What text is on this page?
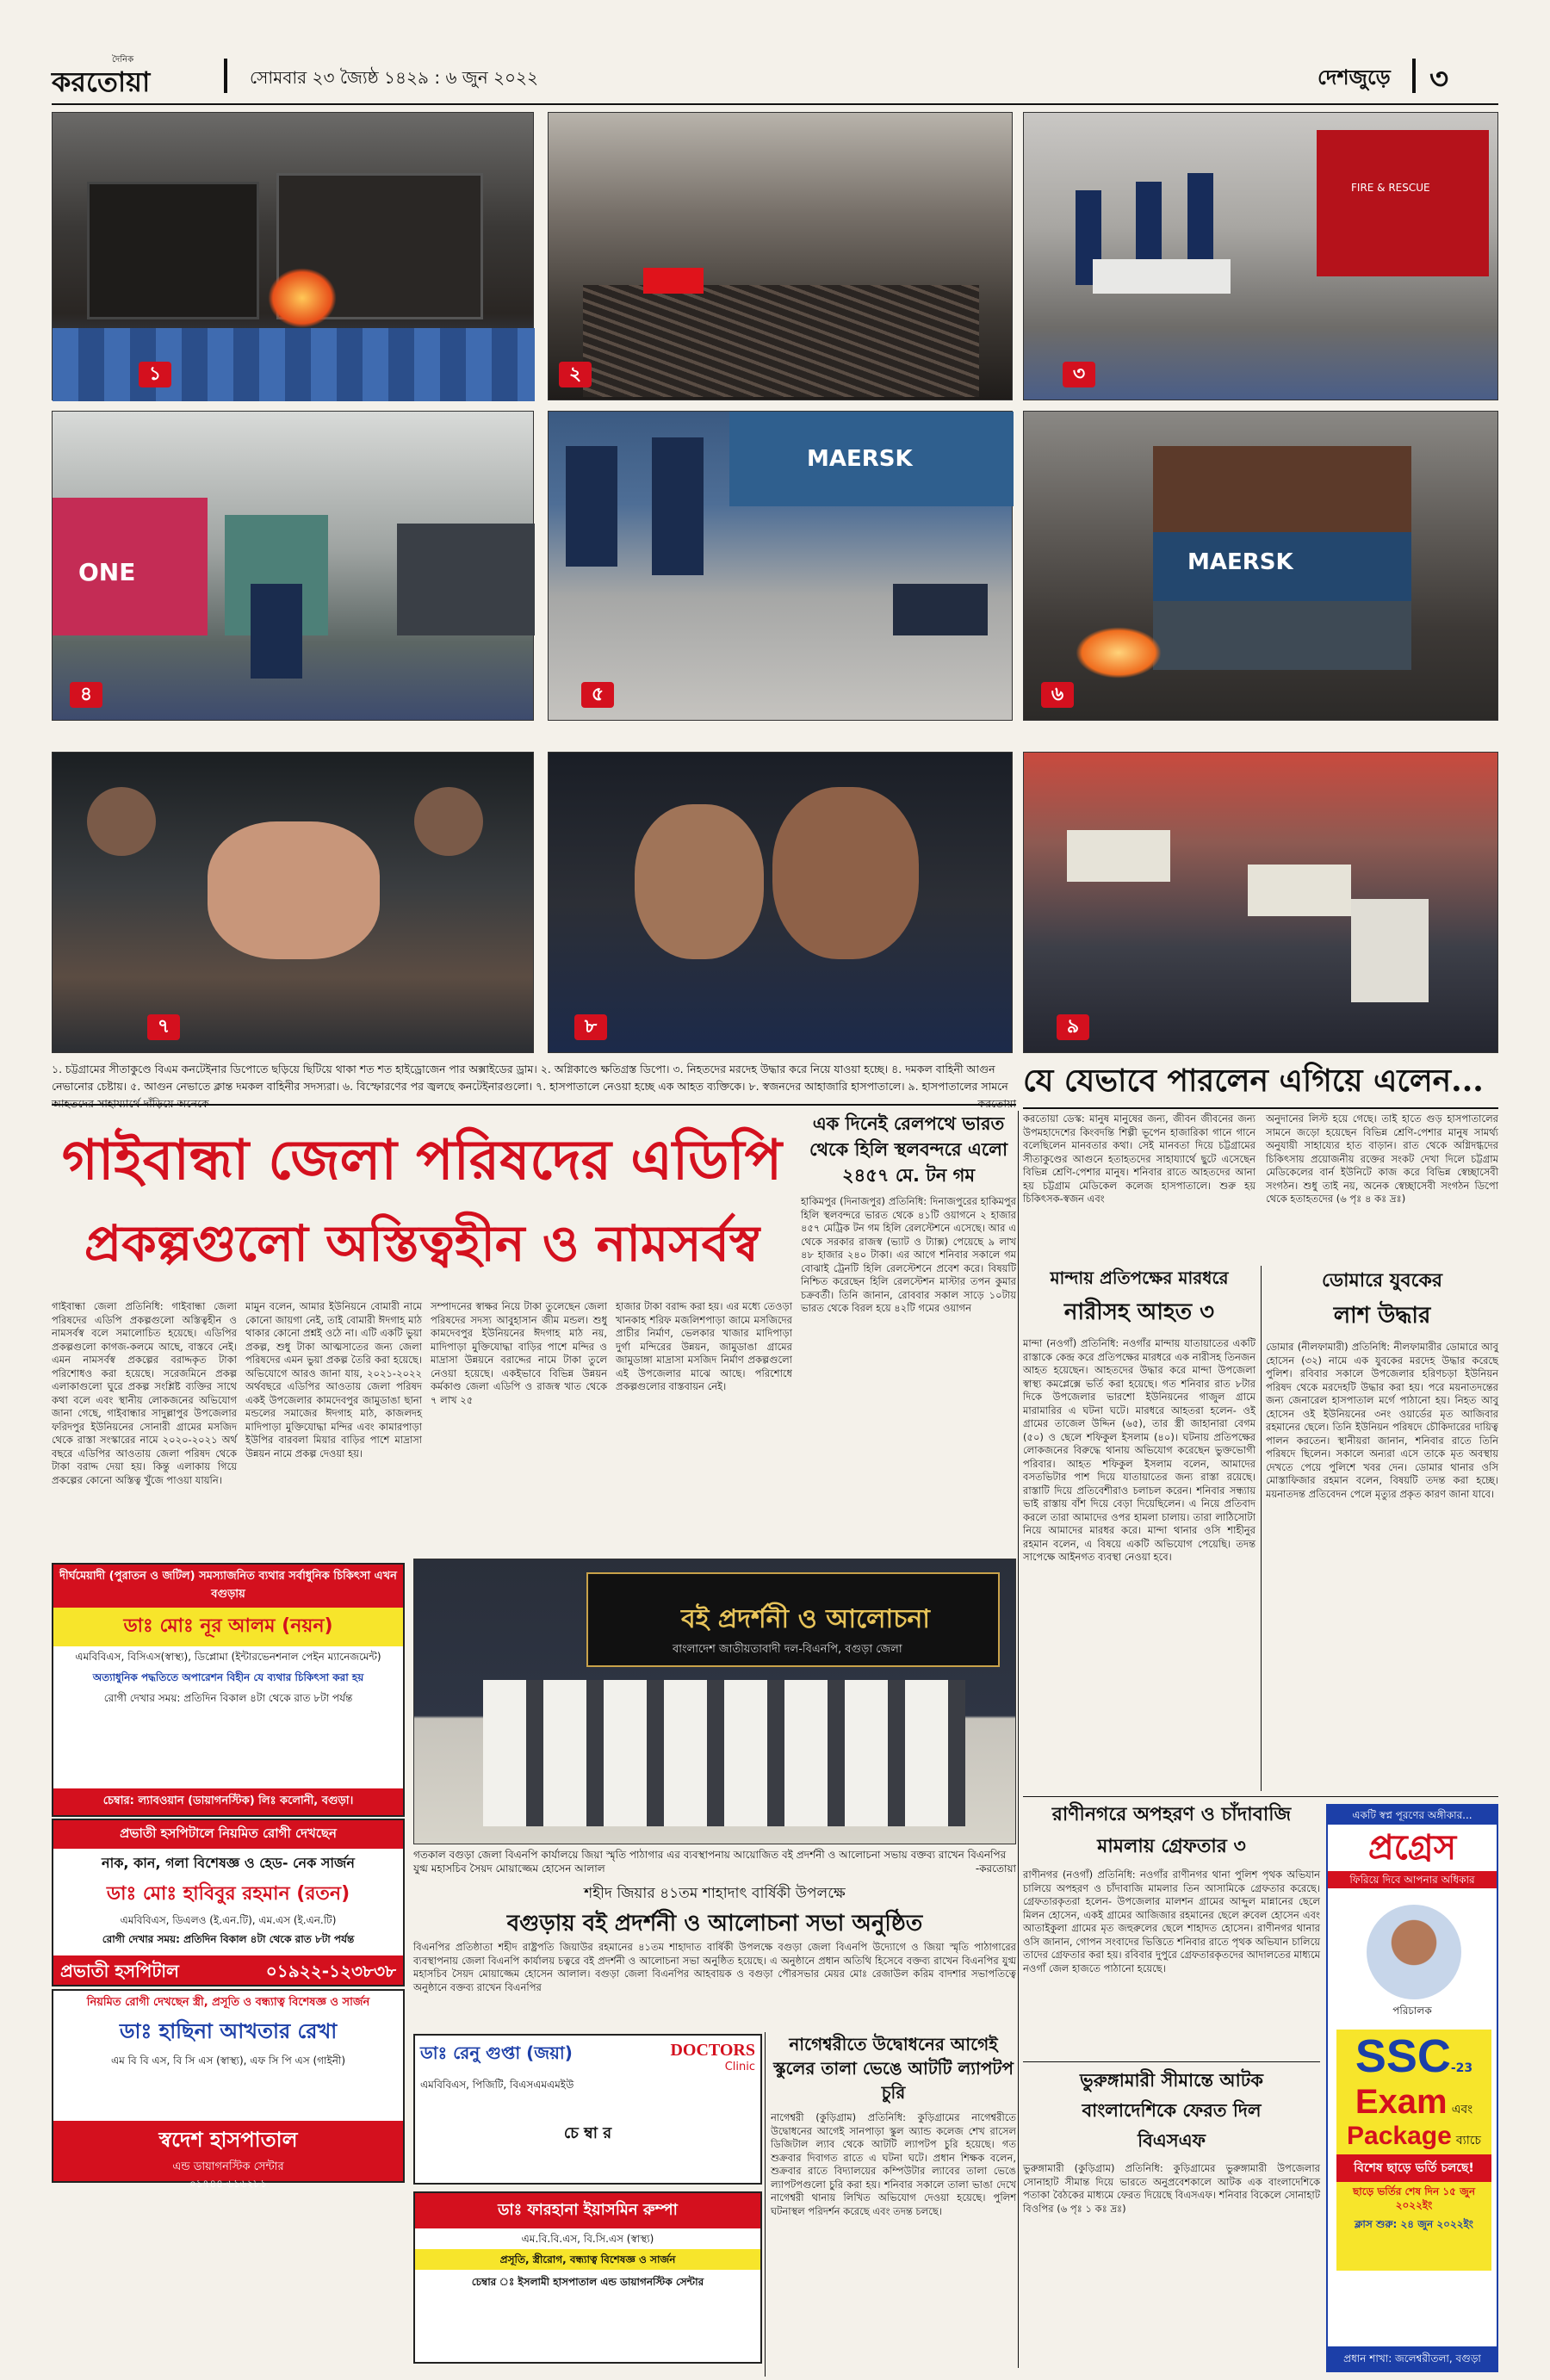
দৈনিক
করতোয়া	সোমবার ২৩ জ্যৈষ্ঠ ১৪২৯ : ৬ জুন ২০২২	দেশজুড়ে ৩
১	২
FIRE & RESCUE
৩
ONE
৪
MAERSK
৫
MAERSK
৬
৭	৮	৯
১. চট্টগ্রামের সীতাকুণ্ডে বিএম কনটেইনার ডিপোতে ছড়িয়ে ছিটিয়ে থাকা শত শত হাইড্রোজেন পার অক্সাইডের ড্রাম। ২. অগ্নিকাণ্ডে ক্ষতিগ্রস্ত ডিপো। ৩. নিহতদের মরদেহ উদ্ধার করে নিয়ে যাওয়া হচ্ছে। ৪. দমকল বাহিনী আগুন নেভানোর চেষ্টায়। ৫. আগুন নেভাতে ক্লান্ত দমকল বাহিনীর সদস্যরা। ৬. বিস্ফোরণের পর জ্বলছে কনটেইনারগুলো। ৭. হাসপাতালে নেওয়া হচ্ছে এক আহত ব্যক্তিকে। ৮. স্বজনদের আহাজারি হাসপাতালে। ৯. হাসপাতালের সামনে যে যেভাবে পারলেন এগিয়ে এলেন...
গাইবান্ধা জেলা পরিষদের এডিপি
প্রকল্পগুলো অস্তিত্বহীন ও নামসর্বস্ব
গাইবান্ধা জেলা প্রতিনিধি: গাইবান্ধা জেলা পরিষদের এডিপি প্রকল্পগুলো অস্তিত্বহীন ও নামসর্বস্ব বলে সমালোচিত হয়েছে। এডিপির প্রকল্পগুলো কাগজ-কলমে আছে, বাস্তবে নেই। এমন নামসর্বস্ব প্রকল্পের বরাদ্দকৃত টাকা পরিশোধও করা হয়েছে। সরেজমিনে প্রকল্প এলাকাগুলো ঘুরে প্রকল্প সংশ্লিষ্ট ব্যক্তির সাথে কথা বলে এবং স্থানীয় লোকজনের অভিযোগ জানা গেছে, গাইবান্ধার সাদুল্লাপুর উপজেলার ফরিদপুর ইউনিয়নের সোনারী গ্রামের মসজিদ থেকে রাস্তা সংস্কারের নামে ২০২০-২০২১ অর্থ বছরে এডিপির আওতায় জেলা পরিষদ থেকে টাকা বরাদ্দ দেয়া হয়। কিন্তু এলাকায় গিয়ে প্রকল্পের কোনো অস্তিত্ব খুঁজে পাওয়া যায়নি।
মামুন বলেন, আমার ইউনিয়নে বোমারী নামে কোনো জায়গা নেই, তাই বোমারী ঈদগাহ মাঠ থাকার কোনো প্রশ্নই ওঠে না। এটি একটি ভুয়া প্রকল্প, শুধু টাকা আত্মসাতের জন্য জেলা পরিষদের এমন ভুয়া প্রকল্প তৈরি করা হয়েছে। অভিযোগে আরও জানা যায়, ২০২১-২০২২ অর্থবছরে এডিপির আওতায় জেলা পরিষদ একই উপজেলার কামদেবপুর জামুডাঙা ছানা মন্ডলের সমাজের ঈদগাহ মাঠ, কাজলদহ মাদিপাড়া মুক্তিযোদ্ধা মন্দির এবং কামারপাড়া ইউপির বারবলা মিয়ার বাড়ির পাশে মাদ্রাসা উন্নয়ন নামে প্রকল্প দেওয়া হয়।
সম্পাদনের স্বাক্ষর নিয়ে টাকা তুলেছেন জেলা পরিষদের সদস্য আবুহাসান জীম মন্ডল। শুধু কামদেবপুর ইউনিয়নের ঈদগাহ মাঠ নয়, মাদিপাড়া মুক্তিযোদ্ধা বাড়ির পাশে মন্দির ও মাদ্রাসা উন্নয়নে বরাদ্দের নামে টাকা তুলে নেওয়া হয়েছে। একইভাবে বিভিন্ন উন্নয়ন কর্মকাণ্ড জেলা এডিপি ও রাজস্ব খাত থেকে ৭ লাখ ২৫
হাজার টাকা বরাদ্দ করা হয়। এর মধ্যে তেওড়া খানকাহ শরিফ মজলিশপাড়া জামে মসজিদের প্রাচীর নির্মাণ, ভেলকার খাজার মাদিপাড়া দুর্গা মন্দিরের উন্নয়ন, জামুডাঙা গ্রামের জামুডাঙ্গা মাদ্রাসা মসজিদ নির্মাণ প্রকল্পগুলো এই উপজেলার মাঝে আছে। পরিশোধে প্রকল্পগুলোর বাস্তবায়ন নেই।
এক দিনেই রেলপথে ভারত থেকে হিলি স্থলবন্দরে এলো ২৪৫৭ মে. টন গম
হাকিমপুর (দিনাজপুর) প্রতিনিধি: দিনাজপুরের হাকিমপুর হিলি স্থলবন্দরে ভারত থেকে ৪১টি ওয়াগনে ২ হাজার ৪৫৭ মেট্রিক টন গম হিলি রেলস্টেশনে এসেছে। আর এ থেকে সরকার রাজস্ব (ভ্যাট ও ট্যাক্স) পেয়েছে ৯ লাখ ৪৮ হাজার ২৪০ টাকা। এর আগে শনিবার সকালে গম বোঝাই ট্রেনটি হিলি রেলস্টেশনে প্রবেশ করে। বিষয়টি নিশ্চিত করেছেন হিলি রেলস্টেশন মাস্টার তপন কুমার চক্রবর্তী। তিনি জানান, রোববার সকাল সাড়ে ১০টায় ভারত থেকে বিরল হয়ে ৪২টি গমের ওয়াগন
বই প্রদর্শনী ও আলোচনা
বাংলাদেশ জাতীয়তাবাদী দল-বিএনপি, বগুড়া জেলা
গতকাল বগুড়া জেলা বিএনপি কার্যালয়ে জিয়া স্মৃতি পাঠাগার এর ব্যবস্থাপনায় আয়োজিত বই প্রদর্শনী ও আলোচনা সভায় বক্তব্য রাখেন বিএনপির যুগ্ম মহাসচিব সৈয়দ মোয়াজ্জেম হোসেন আলাল	-করতোয়া
শহীদ জিয়ার ৪১তম শাহাদাৎ বার্ষিকী উপলক্ষে
বগুড়ায় বই প্রদর্শনী ও আলোচনা সভা অনুষ্ঠিত
বিএনপির প্রতিষ্ঠাতা শহীদ রাষ্ট্রপতি জিয়াউর রহমানের ৪১তম শাহাদাত বার্ষিকী উপলক্ষে বগুড়া জেলা বিএনপি উদ্যোগে ও জিয়া স্মৃতি পাঠাগারের ব্যবস্থাপনায় জেলা বিএনপি কার্যালয় চত্বরে বই প্রদর্শনী ও আলোচনা সভা অনুষ্ঠিত হয়েছে। এ অনুষ্ঠানে প্রধান অতিথি হিসেবে বক্তব্য রাখেন বিএনপির যুগ্ম মহাসচিব সৈয়দ মোয়াজ্জেম হোসেন আলাল। বগুড়া জেলা বিএনপির আহবায়ক ও বগুড়া পৌরসভার মেয়র মোঃ রেজাউল করিম বাদশার সভাপতিত্বে অনুষ্ঠানে বক্তব্য রাখেন বিএনপির
নাগেশ্বরীতে উদ্বোধনের আগেই স্কুলের তালা ভেঙে আটটি ল্যাপটপ চুরি
নাগেশ্বরী (কুড়িগ্রাম) প্রতিনিধি: কুড়িগ্রামের নাগেশ্বরীতে উদ্বোধনের আগেই সানপাড়া স্কুল অ্যান্ড কলেজ শেখ রাসেল ডিজিটাল ল্যাব থেকে আটটি ল্যাপটপ চুরি হয়েছে। গত শুক্রবার দিবাগত রাতে এ ঘটনা ঘটে। প্রধান শিক্ষক বলেন, শুক্রবার রাতে বিদ্যালয়ের কম্পিউটার ল্যাবের তালা ভেঙে ল্যাপটপগুলো চুরি করা হয়। শনিবার সকালে তালা ভাঙা দেখে নাগেশ্বরী থানায় লিখিত অভিযোগ দেওয়া হয়েছে। পুলিশ ঘটনাস্থল পরিদর্শন করেছে এবং তদন্ত চলছে।
দীর্ঘমেয়াদী (পুরাতন ও জটিল) সমস্যাজনিত ব্যথার সর্বাধুনিক চিকিৎসা এখন বগুড়ায়
ডাঃ মোঃ নূর আলম (নয়ন)
এমবিবিএস, বিসিএস(স্বাস্থ্য), ডিপ্লোমা (ইন্টারভেনশনাল পেইন ম্যানেজমেন্ট)
অত্যাধুনিক পদ্ধতিতে অপারেশন বিহীন যে ব্যথার চিকিৎসা করা হয়
রোগী দেখার সময়: প্রতিদিন বিকাল ৪টা থেকে রাত ৮টা পর্যন্ত
চেম্বার: ল্যাবওয়ান (ডায়াগনস্টিক) লিঃ কলোনী, বগুড়া।
প্রভাতী হসপিটালে নিয়মিত রোগী দেখছেন
নাক, কান, গলা বিশেষজ্ঞ ও হেড- নেক সার্জন
ডাঃ মোঃ হাবিবুর রহমান (রতন)
এমবিবিএস, ডিএলও (ই.এন.টি), এম.এস (ই.এন.টি)
রোগী দেখার সময়: প্রতিদিন বিকাল ৪টা থেকে রাত ৮টা পর্যন্ত
প্রভাতী হসপিটাল	০১৯২২-১২৩৮৩৮
নিয়মিত রোগী দেখছেন স্ত্রী, প্রসূতি ও বন্ধ্যাত্ব বিশেষজ্ঞ ও সার্জন
ডাঃ হাছিনা আখতার রেখা
এম বি বি এস, বি সি এস (স্বাস্থ্য), এফ সি পি এস (গাইনী)
স্বদেশ হাসপাতাল
এন্ড ডায়াগনস্টিক সেন্টার
০১৭৪৪-৬১৬২৮১
ডাঃ রেনু গুপ্তা (জয়া)	DOCTORS
Clinic
এমবিবিএস, পিজিটি, বিএসএমএমইউ
চে ম্বা র
ডাঃ ফারহানা ইয়াসমিন রুম্পা
এম.বি.বি.এস, বি.সি.এস (স্বাস্থ্য)
প্রসূতি, স্ত্রীরোগ, বন্ধ্যাত্ব বিশেষজ্ঞ ও সার্জন
চেম্বার ঃ ইসলামী হাসপাতাল এন্ড ডায়াগনস্টিক সেন্টার
করতোয়া ডেস্ক: মানুষ মানুষের জন্য, জীবন জীবনের জন্য উপমহাদেশের কিংবদন্তি শিল্পী ভূপেন হাজারিকা গানে গানে বলেছিলেন মানবতার কথা। সেই মানবতা দিয়ে চট্টগ্রামের সীতাকুণ্ডের আগুনে হতাহতদের সাহায্যার্থে ছুটে এসেছেন বিভিন্ন শ্রেণি-পেশার মানুষ। শনিবার রাতে আহতদের আনা হয় চট্টগ্রাম মেডিকেল কলেজ হাসপাতালে। শুরু হয় চিকিৎসক-স্বজন এবং
অনুদানের লিস্ট হয়ে গেছে। তাই হাতে গুড় হাসপাতালের সামনে জড়ো হয়েছেন বিভিন্ন শ্রেণি-পেশার মানুষ সামর্থ্য অনুযায়ী সাহায্যের হাত বাড়ান। রাত থেকে অগ্নিদগ্ধদের চিকিৎসায় প্রয়োজনীয় রক্তের সংকট দেখা দিলে চট্টগ্রাম মেডিকেলের বার্ন ইউনিটে কাজ করে বিভিন্ন স্বেচ্ছাসেবী সংগঠন। শুধু তাই নয়, অনেক স্বেচ্ছাসেবী সংগঠন ডিপো থেকে হতাহতদের (৬ পৃঃ ৪ কঃ দ্রঃ)
মান্দায় প্রতিপক্ষের মারধরে
নারীসহ আহত ৩
মান্দা (নওগাঁ) প্রতিনিধি: নওগাঁর মান্দায় যাতায়াতের একটি রাস্তাকে কেন্দ্র করে প্রতিপক্ষের মারধরে এক নারীসহ তিনজন আহত হয়েছেন। আহতদের উদ্ধার করে মান্দা উপজেলা স্বাস্থ্য কমপ্লেক্সে ভর্তি করা হয়েছে। গত শনিবার রাত ৮টার দিকে উপজেলার ভারশো ইউনিয়নের গাজুল গ্রামে মারামারির এ ঘটনা ঘটে। মারধরে আহতরা হলেন- ওই গ্রামের তাজেল উদ্দিন (৬৫), তার স্ত্রী জাহানারা বেগম (৫০) ও ছেলে শফিকুল ইসলাম (৪০)। ঘটনায় প্রতিপক্ষের লোকজনের বিরুদ্ধে থানায় অভিযোগ করেছেন ভুক্তভোগী পরিবার। আহত শফিকুল ইসলাম বলেন, আমাদের বসতভিটার পাশ দিয়ে যাতায়াতের জন্য রাস্তা রয়েছে। রাস্তাটি দিয়ে প্রতিবেশীরাও চলাচল করেন। শনিবার সন্ধ্যায় ভাই রাস্তায় বাঁশ দিয়ে বেড়া দিয়েছিলেন। এ নিয়ে প্রতিবাদ করলে তারা আমাদের ওপর হামলা চালায়। তারা লাঠিসোটা নিয়ে আমাদের মারধর করে। মান্দা থানার ওসি শাহীনুর রহমান বলেন, এ বিষয়ে একটি অভিযোগ পেয়েছি। তদন্ত সাপেক্ষে আইনগত ব্যবস্থা নেওয়া হবে।
ডোমারে যুবকের
লাশ উদ্ধার
ডোমার (নীলফামারী) প্রতিনিধি: নীলফামারীর ডোমারে আবু হোসেন (৩২) নামে এক যুবকের মরদেহ উদ্ধার করেছে পুলিশ। রবিবার সকালে উপজেলার হরিণচড়া ইউনিয়ন পরিষদ থেকে মরদেহটি উদ্ধার করা হয়। পরে ময়নাতদন্তের জন্য জেনারেল হাসপাতাল মর্গে পাঠানো হয়। নিহত আবু হোসেন ওই ইউনিয়নের ৩নং ওয়ার্ডের মৃত আজিবার রহমানের ছেলে। তিনি ইউনিয়ন পরিষদে চৌকিদারের দায়িত্ব পালন করতেন। স্থানীয়রা জানান, শনিবার রাতে তিনি পরিষদে ছিলেন। সকালে অন্যরা এসে তাকে মৃত অবস্থায় দেখতে পেয়ে পুলিশে খবর দেন। ডোমার থানার ওসি মোস্তাফিজার রহমান বলেন, বিষয়টি তদন্ত করা হচ্ছে। ময়নাতদন্ত প্রতিবেদন পেলে মৃত্যুর প্রকৃত কারণ জানা যাবে।
রাণীনগরে অপহরণ ও চাঁদাবাজি
মামলায় গ্রেফতার ৩
রাণীনগর (নওগাঁ) প্রতিনিধি: নওগাঁর রাণীনগর থানা পুলিশ পৃথক অভিযান চালিয়ে অপহরণ ও চাঁদাবাজি মামলার তিন আসামিকে গ্রেফতার করেছে। গ্রেফতারকৃতরা হলেন- উপজেলার মালশন গ্রামের আব্দুল মান্নানের ছেলে মিলন হোসেন, একই গ্রামের আজিজার রহমানের ছেলে রুবেল হোসেন এবং আতাইকুলা গ্রামের মৃত জহুরুলের ছেলে শাহাদত হোসেন। রাণীনগর থানার ওসি জানান, গোপন সংবাদের ভিত্তিতে শনিবার রাতে পৃথক অভিযান চালিয়ে তাদের গ্রেফতার করা হয়। রবিবার দুপুরে গ্রেফতারকৃতদের আদালতের মাধ্যমে নওগাঁ জেল হাজতে পাঠানো হয়েছে।
ভুরুঙ্গামারী সীমান্তে আটক
বাংলাদেশিকে ফেরত দিল
বিএসএফ
ভুরুঙ্গামারী (কুড়িগ্রাম) প্রতিনিধি: কুড়িগ্রামের ভুরুঙ্গামারী উপজেলার সোনাহাট সীমান্ত দিয়ে ভারতে অনুপ্রবেশকালে আটক এক বাংলাদেশিকে পতাকা বৈঠকের মাধ্যমে ফেরত দিয়েছে বিএসএফ। শনিবার বিকেলে সোনাহাট বিওপির (৬ পৃঃ ১ কঃ দ্রঃ)
একটি স্বপ্ন পূরণের অঙ্গীকার...
প্রগ্রেস
ফিরিয়ে দিবে আপনার অধিকার
পরিচালক
SSC-23
Exam এবং
Package ব্যাচে
বিশেষ ছাড়ে ভর্তি চলছে!
ছাড়ে ভর্তির শেষ দিন ১৫ জুন ২০২২ইং
ক্লাস শুরু: ২৪ জুন ২০২২ইং
প্রধান শাখা: জলেশ্বরীতলা, বগুড়া
